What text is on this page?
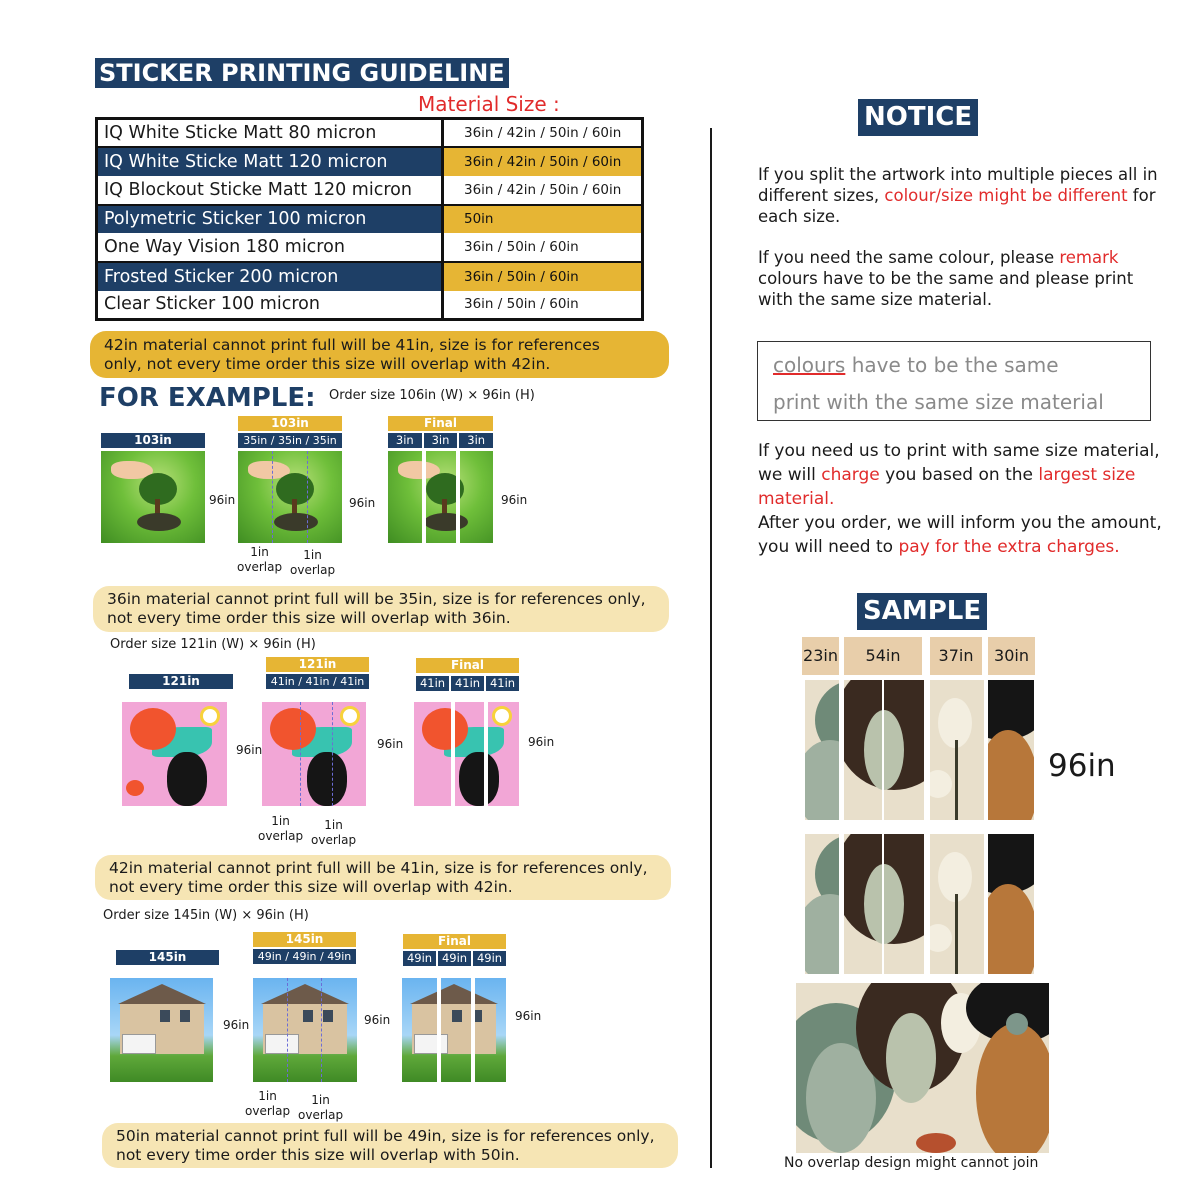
STICKER PRINTING GUIDELINE
Material Size :
IQ White Sticke Matt 80 micron	36in / 42in / 50in / 60in
IQ White Sticke Matt 120 micron	36in / 42in / 50in / 60in
IQ Blockout Sticke Matt 120 micron	36in / 42in / 50in / 60in
Polymetric Sticker 100 micron	50in
One Way Vision 180 micron	36in / 50in / 60in
Frosted Sticker 200 micron	36in / 50in / 60in
Clear Sticker 100 micron	36in / 50in / 60in
42in material cannot print full will be 41in, size is for references
only, not every time order this size will overlap with 42in.
FOR EXAMPLE: Order size 106in (W) × 96in (H)
103in
96in
103in
35in / 35in / 35in
96in
1in
overlap
1in
overlap
Final
3in	3in	3in
96in
36in material cannot print full will be 35in, size is for references only,
not every time order this size will overlap with 36in.
Order size 121in (W) × 96in (H)
121in
96in
121in
41in / 41in / 41in
96in
1in
overlap
1in
overlap
Final
41in 41in 41in
96in
42in material cannot print full will be 41in, size is for references only,
not every time order this size will overlap with 42in.
Order size 145in (W) × 96in (H)
145in
96in
145in
49in / 49in / 49in
96in
1in
overlap
1in
overlap
Final
49in 49in 49in
96in
50in material cannot print full will be 49in, size is for references only,
not every time order this size will overlap with 50in.
NOTICE
If you split the artwork into multiple pieces all in different sizes, colour/size might be different for each size.
If you need the same colour, please remark colours have to be the same and please print with the same size material.
colours have to be the same
print with the same size material
If you need us to print with same size material, we will charge you based on the largest size material.
After you order, we will inform you the amount, you will need to pay for the extra charges.
SAMPLE
23in	54in	37in	30in
96in
No overlap design might cannot join
